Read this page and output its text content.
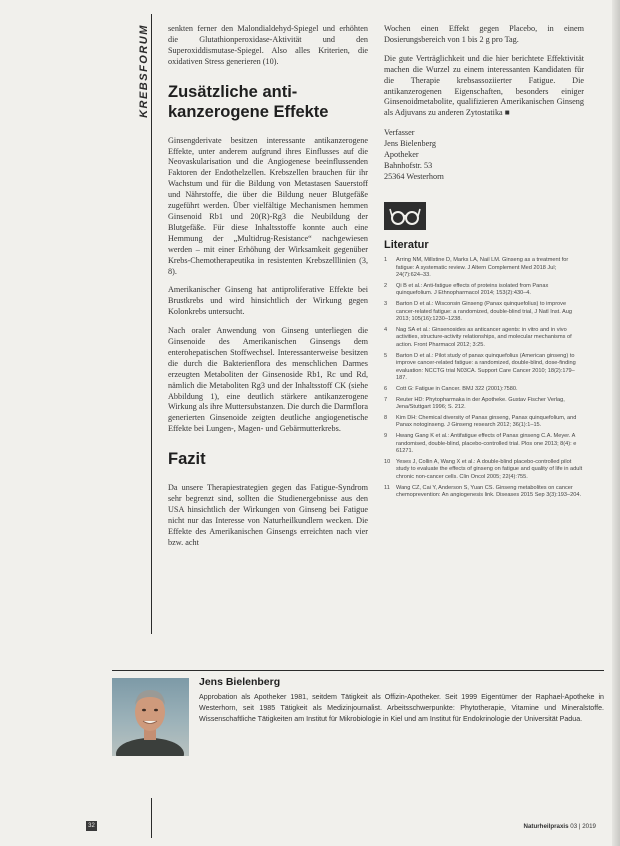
KREBSFORUM senkten ferner den Malondialdehyd-Spiegel und erhöhten die Glutathionperoxidase-Aktivität und den Superoxiddismutase-Spiegel. Also alles Kriterien, die oxidativen Stress generieren (10).

Zusätzliche anti-
kanzerogene Effekte

Ginsengderivate besitzen interessante antikanzerogene Effekte, unter anderem aufgrund ihres Einflusses auf die Neovaskularisation und die Angiogenese beeinflussenden Faktoren der Endothelzellen. Krebszellen brauchen für ihr Wachstum und für die Bildung von Metastasen Sauerstoff und Nährstoffe, die über die Bildung neuer Blutgefäße zugeführt werden. Über vielfältige Mechanismen hemmen Ginsenoid Rb1 und 20(R)-Rg3 die Neubildung der Blutgefäße. Für diese Inhaltsstoffe konnte auch eine Hemmung der „Multidrug-Resistance“ nachgewiesen werden – mit einer Erhöhung der Wirksamkeit gegenüber Krebs-Chemotherapeutika in resistenten Krebszelllinien (3, 8).

Amerikanischer Ginseng hat antiproliferative Effekte bei Brustkrebs und wird hinsichtlich der Wirkung gegen Kolonkrebs untersucht.

Nach oraler Anwendung von Ginseng unterliegen die Ginsenoide des Amerikanischen Ginsengs dem enterohepatischen Stoffwechsel. Interessanterweise besitzen die durch die Bakterienflora des menschlichen Darmes erzeugten Metaboliten der Ginsenoside Rb1, Rc und Rd, nämlich die Metaboliten Rg3 und der Inhaltsstoff CK (siehe Abbildung 1), eine deutlich stärkere antikanzerogene Wirkung als ihre Muttersubstanzen. Die durch die Darmflora generierten Ginsenoide zeigten deutliche angiogenetische Effekte bei Lungen-, Magen- und Gebärmutterkrebs.

Fazit

Da unsere Therapiestrategien gegen das Fatigue-Syndrom sehr begrenzt sind, sollten die Studienergebnisse aus den USA hinsichtlich der Wirkungen von Ginseng bei Fatigue nicht nur das Interesse von Naturheilkundlern wecken. Die Effekte des Amerikanischen Ginsengs erreichten nach vier bzw. acht

Wochen einen Effekt gegen Placebo, in einem Dosierungsbereich von 1 bis 2 g pro Tag.

Die gute Verträglichkeit und die hier berichtete Effektivität machen die Wurzel zu einem interessanten Kandidaten für die Therapie krebsassoziierter Fatigue. Die antikanzerogenen Eigenschaften, besonders einiger Ginsenoidmetabolite, qualifizieren Amerikanischen Ginseng als Adjuvans zu anderen Zytostatika ■

Verfasser
Jens Bielenberg
Apotheker
Bahnhofstr. 53
25364 Westerhorn
Literatur
1 Arring NM, Millstine D, Marks LA, Nail LM. Ginseng as a treatment for fatigue: A systematic review. J Altern Complement Med 2018 Jul; 24(7):624–33.
2 Qi B et al.: Anti-fatigue effects of proteins isolated from Panax quinquefolium. J Ethnopharmacol 2014; 153(2):430–4.
3 Barton D et al.: Wisconsin Ginseng (Panax quinquefolius) to improve cancer-related fatigue: a randomized, double-blind trial, J Natl Inst. Aug 2013; 105(16):1230–1238.
4 Nag SA et al.: Ginsenosides as anticancer agents: in vitro and in vivo activities, structure-activity relationships, and molecular mechanisms of action. Front Pharmacol 2012; 3:25.
5 Barton D et al.: Pilot study of panax quinquefolius (American ginseng) to improve cancer-related fatigue: a randomized, double-blind, dose-finding evaluation: NCCTG trial N03CA. Support Care Cancer 2010; 18(2):179–187.
6 Cott G: Fatigue in Cancer. BMJ 322 (2001):7580.
7 Reuter HD: Phytopharmaka in der Apotheke. Gustav Fischer Verlag, Jena/Stuttgart 1996; S. 212.
8 Kim DH: Chemical diversity of Panax ginseng, Panax quinquefolium, and Panax notoginseng. J Ginseng research 2012; 36(1):1–15.
9 Hwang Gang K et al.: Antifatigue effects of Panax ginseng C.A. Meyer. A randomised, double-blind, placebo-controlled trial. Plos one 2013; 8(4): e 61271.
10 Yeses J, Collin A, Wang X et al.: A double-blind placebo-controlled pilot study to evaluate the effects of ginseng on fatigue and quality of life in adult chronic non-cancer cells. Clin Oncol 2005; 22(4):755.
11 Wang CZ, Cai Y, Anderson S, Yuan CS. Ginseng metabolites on cancer chemoprevention: An angiogenesis link. Diseases 2015 Sep 3(3):193–204.
Jens Bielenberg
Approbation als Apotheker 1981, seitdem Tätigkeit als Offizin-Apotheker. Seit 1999 Eigentümer der Raphael-Apotheke in Westerhorn, seit 1985 Tätigkeit als Medizinjournalist. Arbeitsschwerpunkte: Phytotherapie, Vitamine und Mineralstoffe. Wissenschaftliche Tätigkeiten am Institut für Mikrobiologie in Kiel und am Institut für Endokrinologie der Universität Padua.
32	Naturheilpraxis 03 | 2019
